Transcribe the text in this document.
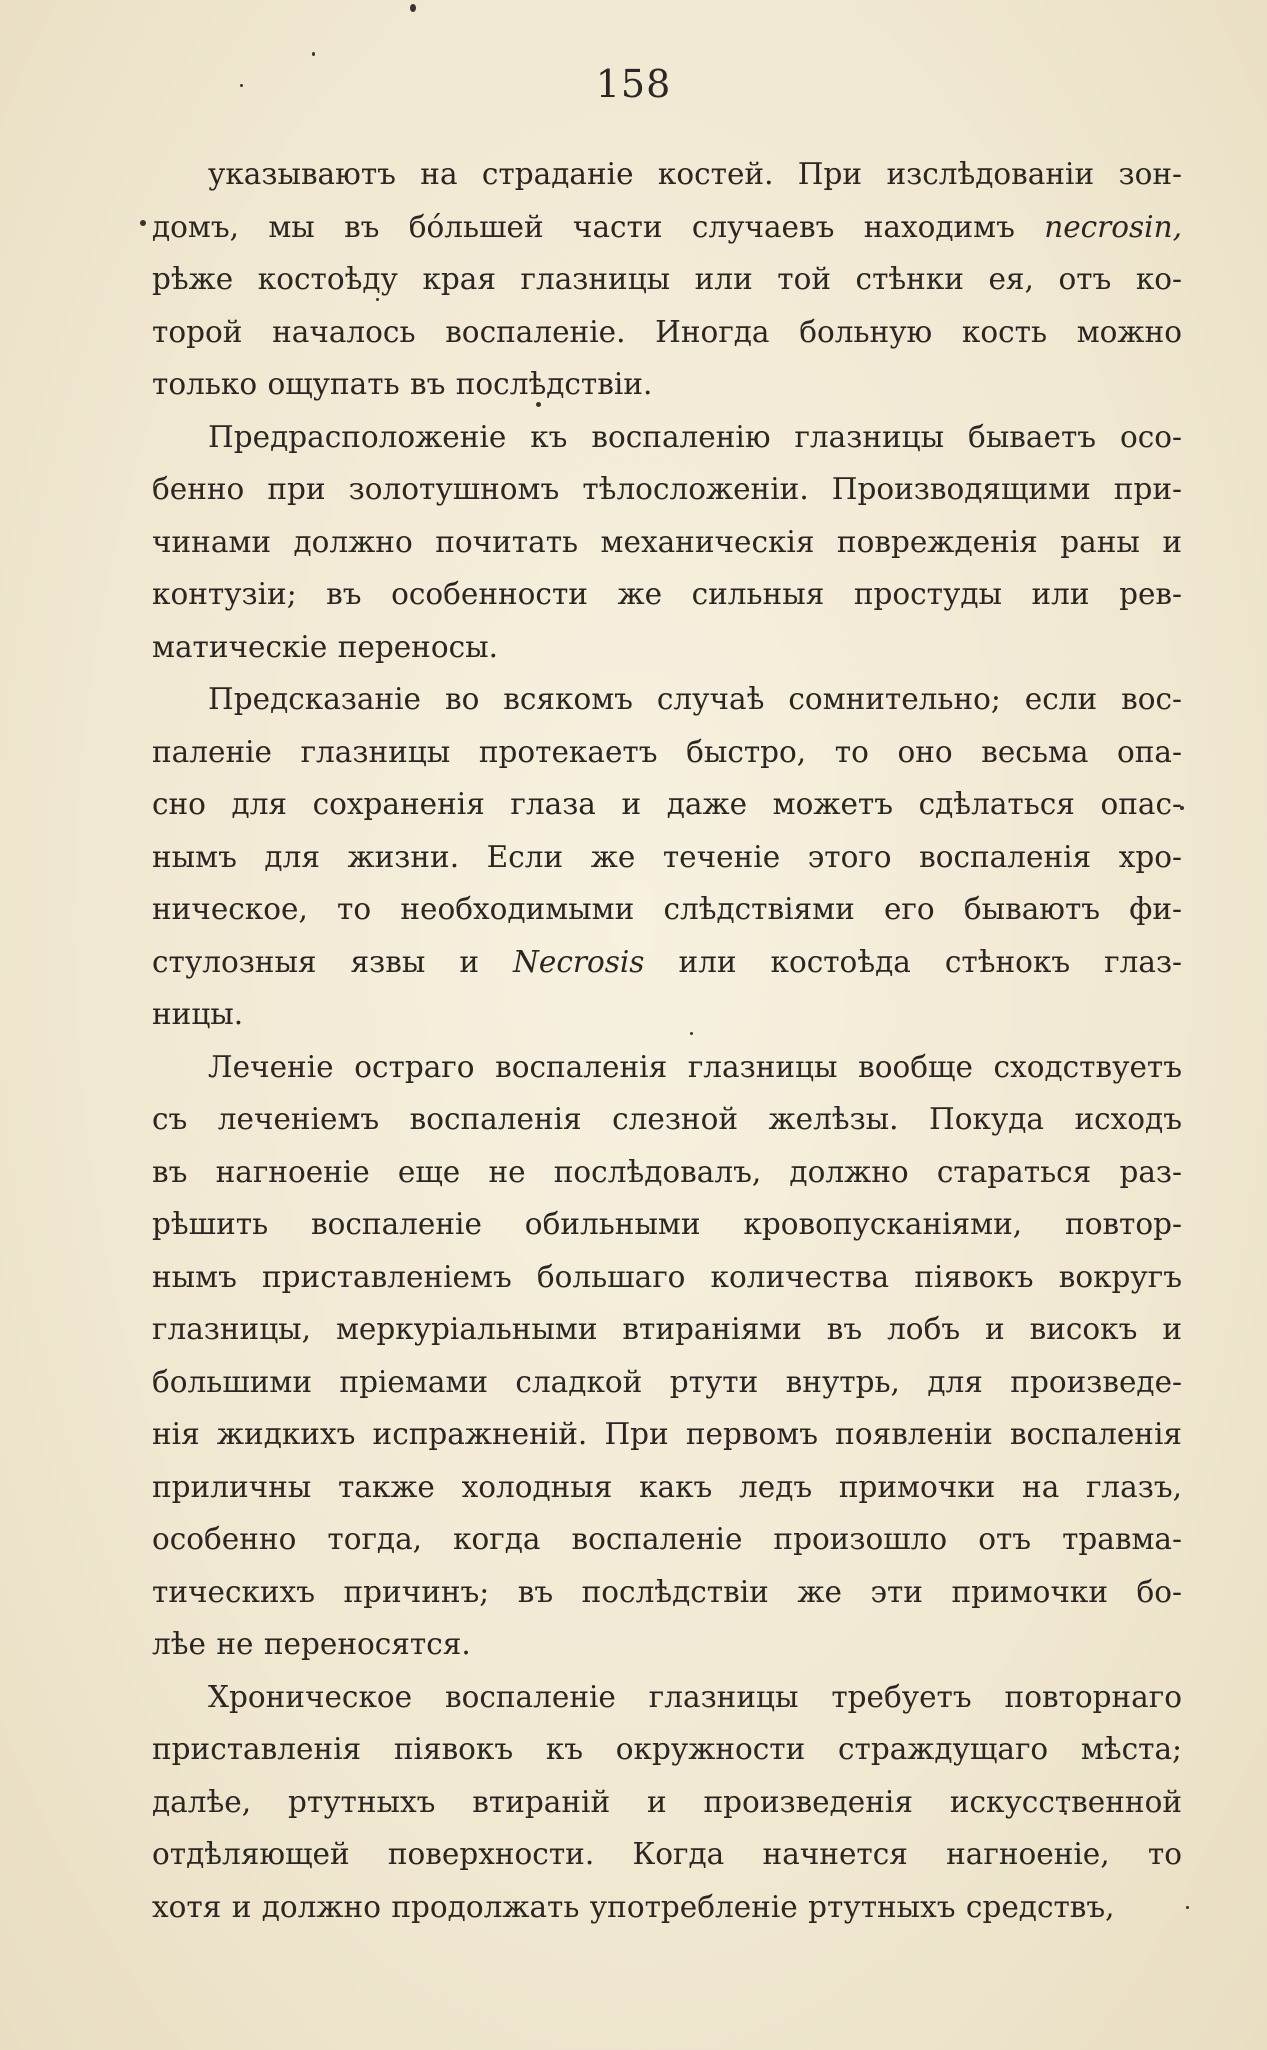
158
указываютъ на страданіе костей. При изслѣдованіи зон-
домъ, мы въ бо́льшей части случаевъ находимъ necrosin,
рѣже костоѣду края глазницы или той стѣнки ея, отъ ко-
торой началось воспаленіе. Иногда больную кость можно
только ощупать въ послѣдствіи.
Предрасположеніе къ воспаленію глазницы бываетъ осо-
бенно при золотушномъ тѣлосложеніи. Производящими при-
чинами должно почитать механическія поврежденія раны и
контузіи; въ особенности же сильныя простуды или рев-
матическіе переносы.
Предсказаніе во всякомъ случаѣ сомнительно; если вос-
паленіе глазницы протекаетъ быстро, то оно весьма опа-
сно для сохраненія глаза и даже можетъ сдѣлаться опас-
нымъ для жизни. Если же теченіе этого воспаленія хро-
ническое, то необходимыми слѣдствіями его бываютъ фи-
стулозныя язвы и Necrosis или костоѣда стѣнокъ глаз-
ницы.
Леченіе остраго воспаленія глазницы вообще сходствуетъ
съ леченіемъ воспаленія слезной желѣзы. Покуда исходъ
въ нагноеніе еще не послѣдовалъ, должно стараться раз-
рѣшить воспаленіе обильными кровопусканіями, повтор-
нымъ приставленіемъ большаго количества піявокъ вокругъ
глазницы, меркуріальными втираніями въ лобъ и високъ и
большими пріемами сладкой ртути внутрь, для произведе-
нія жидкихъ испражненій. При первомъ появленіи воспаленія
приличны также холодныя какъ ледъ примочки на глазъ,
особенно тогда, когда воспаленіе произошло отъ травма-
тическихъ причинъ; въ послѣдствіи же эти примочки бо-
лѣе не переносятся.
Хроническое воспаленіе глазницы требуетъ повторнаго
приставленія піявокъ къ окружности страждущаго мѣста;
далѣе, ртутныхъ втираній и произведенія искусственной
отдѣляющей поверхности. Когда начнется нагноеніе, то
хотя и должно продолжать употребленіе ртутныхъ средствъ,
